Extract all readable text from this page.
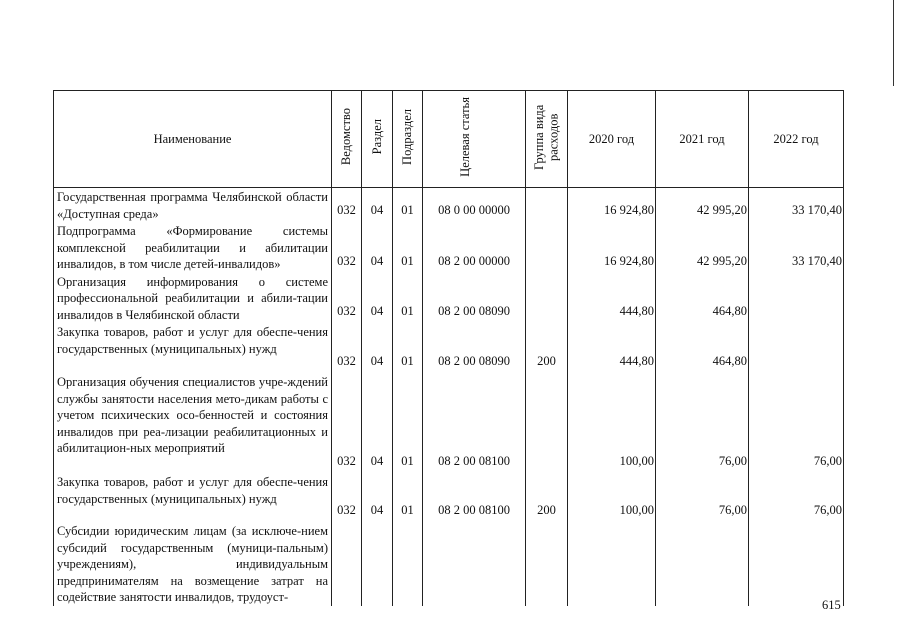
Наименование	Ведомство	Раздел	Подраздел	Целевая статья	Группа вида расходов	2020 год	2021 год	2022 год
Государственная программа Челябинской области «Доступная среда»	032	04	01	08 0 00 00000		16 924,80	42 995,20	33 170,40
Подпрограмма «Формирование системы комплексной реабилитации и абилитации инвалидов, в том числе детей-инвалидов»	032	04	01	08 2 00 00000		16 924,80	42 995,20	33 170,40
Организация информирования о системе профессиональной реабилитации и абили-тации инвалидов в Челябинской области	032	04	01	08 2 00 08090		444,80	464,80	
Закупка товаров, работ и услуг для обеспе-чения государственных (муниципальных) нужд	032	04	01	08 2 00 08090	200	444,80	464,80	
Организация обучения специалистов учре-ждений службы занятости населения мето-дикам работы с учетом психических осо-бенностей и состояния инвалидов при реа-лизации реабилитационных и абилитацион-ных мероприятий	032	04	01	08 2 00 08100		100,00	76,00	76,00
Закупка товаров, работ и услуг для обеспе-чения государственных (муниципальных) нужд	032	04	01	08 2 00 08100	200	100,00	76,00	76,00
Субсидии юридическим лицам (за исключе-нием субсидий государственным (муници-пальным) учреждениям), индивидуальным предпринимателям на возмещение затрат на содействие занятости инвалидов, трудоуст-								
615
